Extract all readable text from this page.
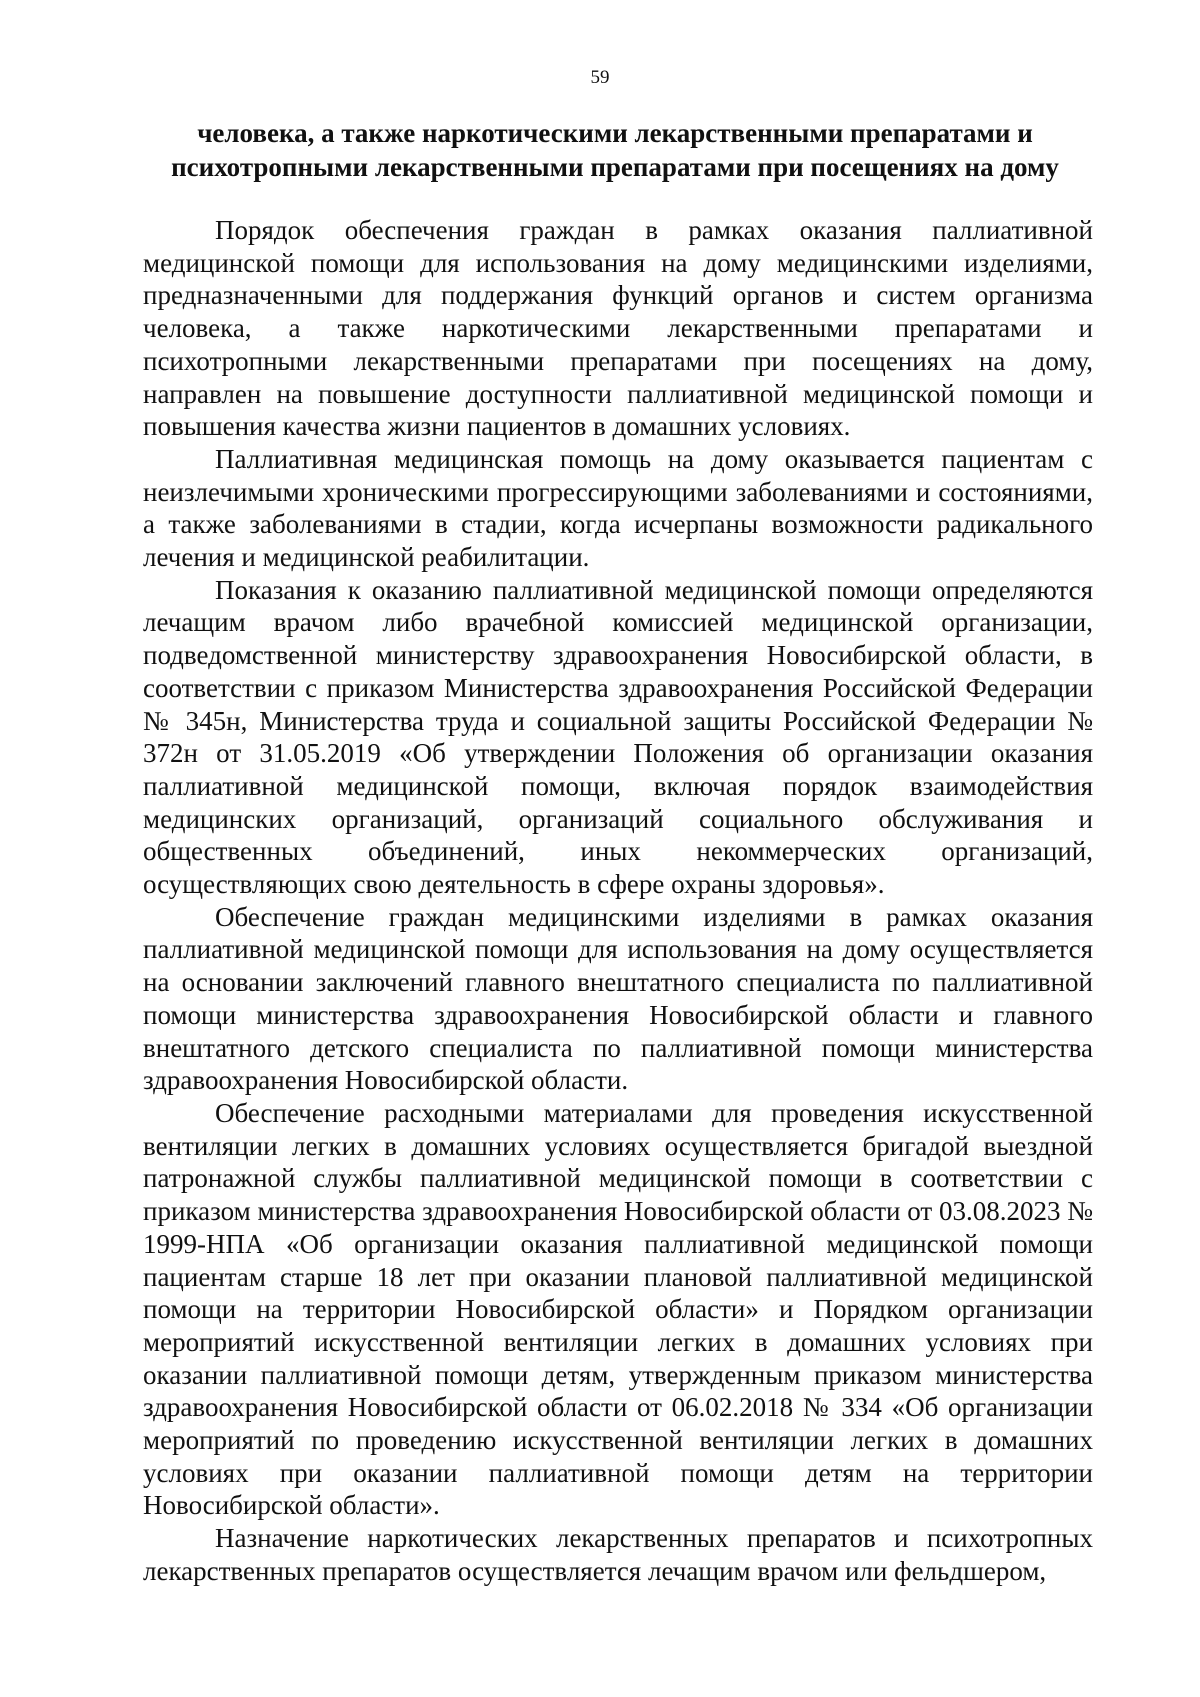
59
человека, а также наркотическими лекарственными препаратами и
психотропными лекарственными препаратами при посещениях на дому

Порядок обеспечения граждан в рамках оказания паллиативной медицинской помощи для использования на дому медицинскими изделиями, предназначенными для поддержания функций органов и систем организма человека, а также наркотическими лекарственными препаратами и психотропными лекарственными препаратами при посещениях на дому, направлен на повышение доступности паллиативной медицинской помощи и повышения качества жизни пациентов в домашних условиях.

Паллиативная медицинская помощь на дому оказывается пациентам с неизлечимыми хроническими прогрессирующими заболеваниями и состояниями, а также заболеваниями в стадии, когда исчерпаны возможности радикального лечения и медицинской реабилитации.

Показания к оказанию паллиативной медицинской помощи определяются лечащим врачом либо врачебной комиссией медицинской организации, подведомственной министерству здравоохранения Новосибирской области, в соответствии с приказом Министерства здравоохранения Российской Федерации № 345н, Министерства труда и социальной защиты Российской Федерации № 372н от 31.05.2019 «Об утверждении Положения об организации оказания паллиативной медицинской помощи, включая порядок взаимодействия медицинских организаций, организаций социального обслуживания и общественных объединений, иных некоммерческих организаций, осуществляющих свою деятельность в сфере охраны здоровья».

Обеспечение граждан медицинскими изделиями в рамках оказания паллиативной медицинской помощи для использования на дому осуществляется на основании заключений главного внештатного специалиста по паллиативной помощи министерства здравоохранения Новосибирской области и главного внештатного детского специалиста по паллиативной помощи министерства здравоохранения Новосибирской области.

Обеспечение расходными материалами для проведения искусственной вентиляции легких в домашних условиях осуществляется бригадой выездной патронажной службы паллиативной медицинской помощи в соответствии с приказом министерства здравоохранения Новосибирской области от 03.08.2023 № 1999-НПА «Об организации оказания паллиативной медицинской помощи пациентам старше 18 лет при оказании плановой паллиативной медицинской помощи на территории Новосибирской области» и Порядком организации мероприятий искусственной вентиляции легких в домашних условиях при оказании паллиативной помощи детям, утвержденным приказом министерства здравоохранения Новосибирской области от 06.02.2018 № 334 «Об организации мероприятий по проведению искусственной вентиляции легких в домашних условиях при оказании паллиативной помощи детям на территории Новосибирской области».

Назначение наркотических лекарственных препаратов и психотропных лекарственных препаратов осуществляется лечащим врачом или фельдшером,
